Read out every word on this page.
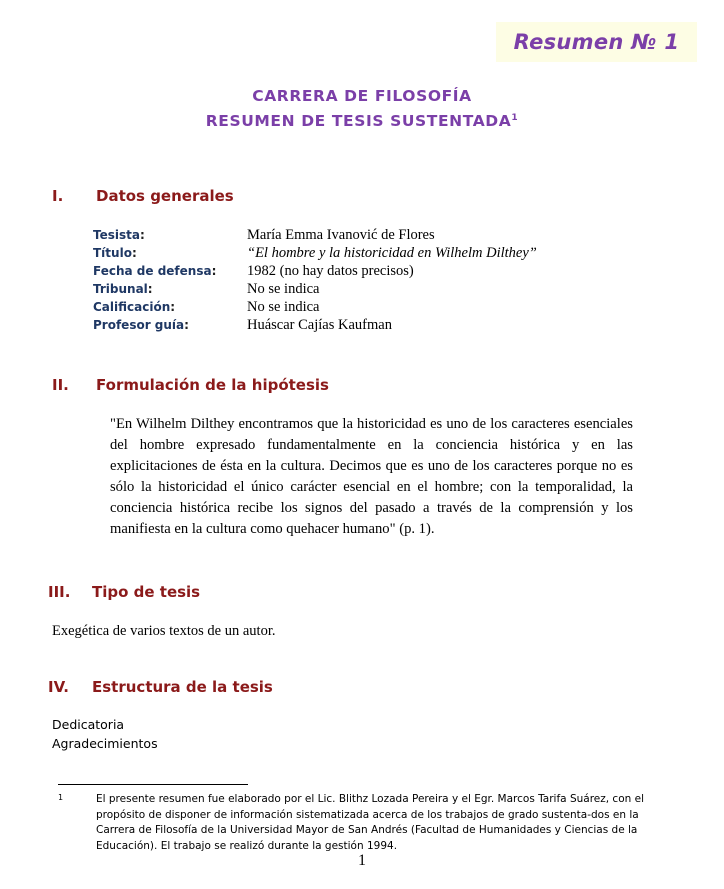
Resumen № 1
CARRERA DE FILOSOFÍA
RESUMEN DE TESIS SUSTENTADA$^1$
I. Datos generales
Tesista:	María Emma Ivanović de Flores
Título:	“El hombre y la historicidad en Wilhelm Dilthey”
Fecha de defensa:	1982 (no hay datos precisos)
Tribunal:	No se indica
Calificación:	No se indica
Profesor guía:	Huáscar Cajías Kaufman
II. Formulación de la hipótesis
"En Wilhelm Dilthey encontramos que la historicidad es uno de los caracteres esenciales del hombre expresado fundamentalmente en la conciencia histórica y en las explicitaciones de ésta en la cultura. Decimos que es uno de los caracteres porque no es sólo la historicidad el único carácter esencial en el hombre; con la temporalidad, la conciencia histórica recibe los signos del pasado a través de la comprensión y los manifiesta en la cultura como quehacer humano" (p. 1).
III. Tipo de tesis
Exegética de varios textos de un autor.
IV. Estructura de la tesis
Dedicatoria
Agradecimientos
1	El presente resumen fue elaborado por el Lic. Blithz Lozada Pereira y el Egr. Marcos Tarifa Suárez, con el propósito de disponer de información sistematizada acerca de los trabajos de grado sustenta-dos en la Carrera de Filosofía de la Universidad Mayor de San Andrés (Facultad de Humanidades y Ciencias de la Educación). El trabajo se realizó durante la gestión 1994.
1
